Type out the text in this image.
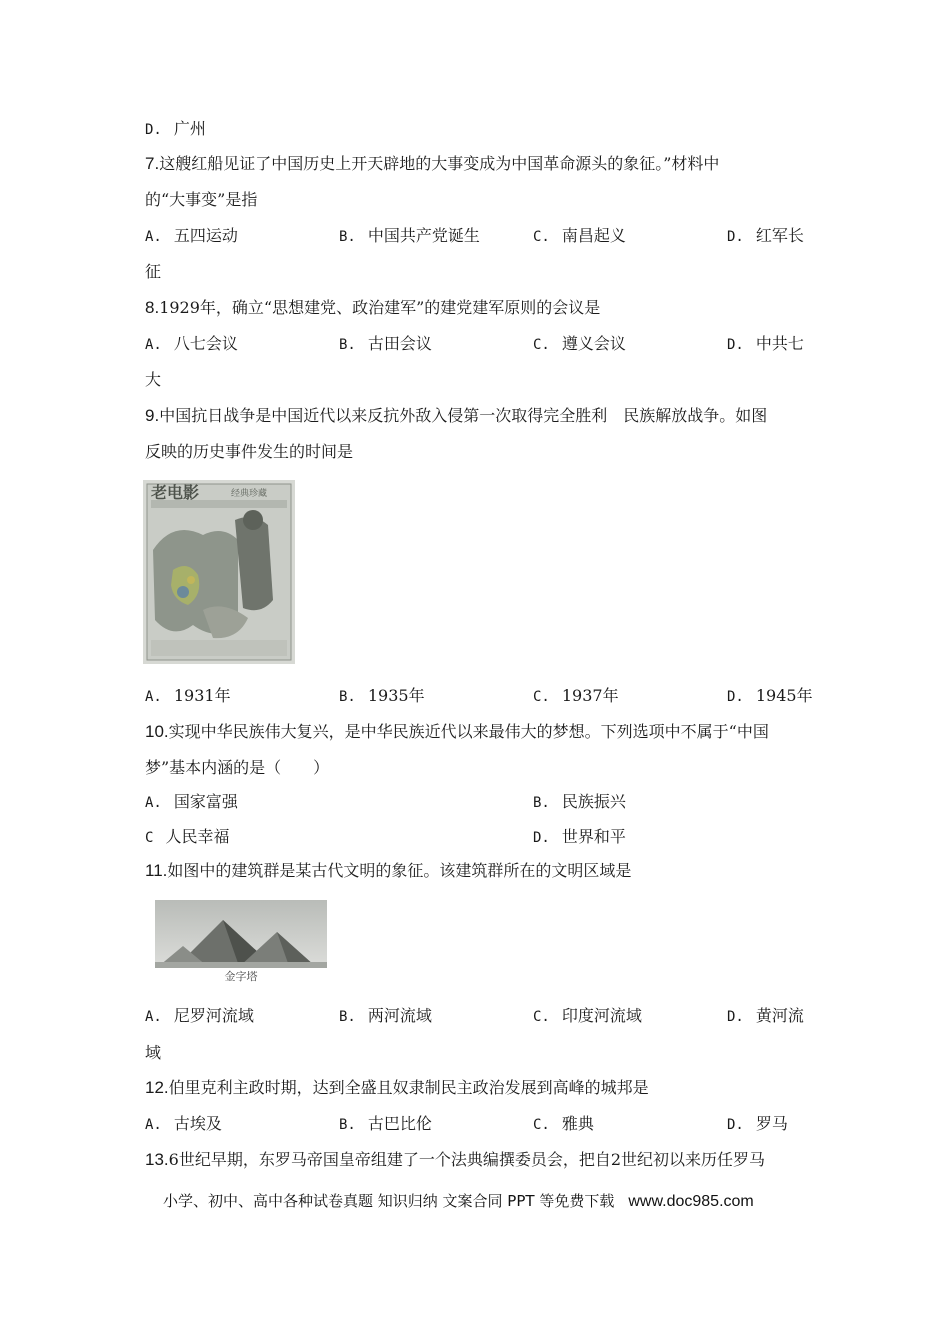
D. 广州
7.这艘红船见证了中国历史上开天辟地的大事变成为中国革命源头的象征。”材料中
的“大事变”是指
A. 五四运动	B. 中国共产党诞生	C. 南昌起义	D. 红军长
征
8.1929年，确立“思想建党、政治建军”的建党建军原则的会议是
A. 八七会议	B. 古田会议	C. 遵义会议	D. 中共七
大
9.中国抗日战争是中国近代以来反抗外敌入侵第一次取得完全胜利　民族解放战争。如图
反映的历史事件发生的时间是
老电影	经典珍藏
A. 1931年	B. 1935年	C. 1937年	D. 1945年
10.实现中华民族伟大复兴，是中华民族近代以来最伟大的梦想。下列选项中不属于“中国
梦”基本内涵的是（　　）
A. 国家富强	B. 民族振兴
C 人民幸福	D. 世界和平
11.如图中的建筑群是某古代文明的象征。该建筑群所在的文明区域是
金字塔
A. 尼罗河流域	B. 两河流域	C. 印度河流域	D. 黄河流
域
12.伯里克利主政时期，达到全盛且奴隶制民主政治发展到高峰的城邦是
A. 古埃及	B. 古巴比伦	C. 雅典	D. 罗马
13.6世纪早期，东罗马帝国皇帝组建了一个法典编撰委员会，把自2世纪初以来历任罗马
小学、初中、高中各种试卷真题 知识归纳 文案合同 PPT 等免费下载 www.doc985.com
